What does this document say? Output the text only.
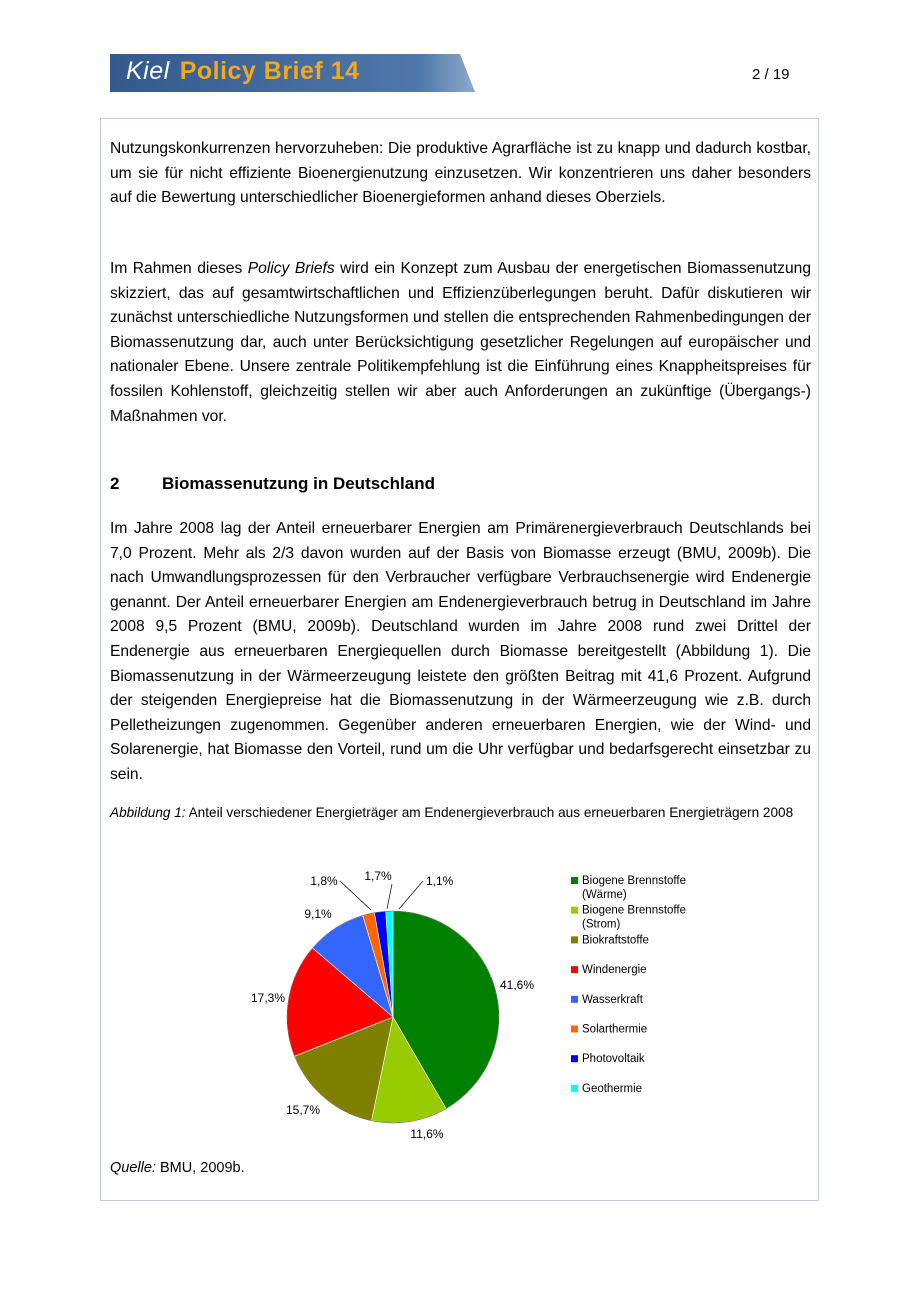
Kiel Policy Brief 14	2 / 19

Nutzungskonkurrenzen hervorzuheben: Die produktive Agrarfläche ist zu knapp und dadurch kostbar, um sie für nicht effiziente Bioenergienutzung einzusetzen. Wir konzentrieren uns daher besonders auf die Bewertung unterschiedlicher Bioenergieformen anhand dieses Oberziels.

Im Rahmen dieses Policy Briefs wird ein Konzept zum Ausbau der energetischen Biomassenutzung skizziert, das auf gesamtwirtschaftlichen und Effizienzüberlegungen beruht. Dafür diskutieren wir zunächst unterschiedliche Nutzungsformen und stellen die entsprechenden Rahmenbedingungen der Biomassenutzung dar, auch unter Berücksichtigung gesetzlicher Regelungen auf europäischer und nationaler Ebene. Unsere zentrale Politikempfehlung ist die Einführung eines Knappheitspreises für fossilen Kohlenstoff, gleichzeitig stellen wir aber auch Anforderungen an zukünftige (Übergangs-) Maßnahmen vor.

2	Biomassenutzung in Deutschland

Im Jahre 2008 lag der Anteil erneuerbarer Energien am Primärenergieverbrauch Deutschlands bei 7,0 Prozent. Mehr als 2/3 davon wurden auf der Basis von Biomasse erzeugt (BMU, 2009b). Die nach Umwandlungsprozessen für den Verbraucher verfügbare Verbrauchsenergie wird Endenergie genannt. Der Anteil erneuerbarer Energien am Endenergieverbrauch betrug in Deutschland im Jahre 2008 9,5 Prozent (BMU, 2009b). Deutschland wurden im Jahre 2008 rund zwei Drittel der Endenergie aus erneuerbaren Energiequellen durch Biomasse bereitgestellt (Abbildung 1). Die Biomassenutzung in der Wärmeerzeugung leistete den größten Beitrag mit 41,6 Prozent. Aufgrund der steigenden Energiepreise hat die Biomassenutzung in der Wärmeerzeugung wie z.B. durch Pelletheizungen zugenommen. Gegenüber anderen erneuerbaren Energien, wie der Wind- und Solarenergie, hat Biomasse den Vorteil, rund um die Uhr verfügbar und bedarfsgerecht einsetzbar zu sein.

Abbildung 1: Anteil verschiedener Energieträger am Endenergieverbrauch aus erneuerbaren Energieträgern 2008
41,6%
11,6%
15,7%
17,3%
9,1%
1,8% 1,7%	1,1%	Biogene Brennstoffe (Wärme)
Biogene Brennstoffe (Strom)
Biokraftstoffe
Windenergie
Wasserkraft
Solarthermie
Photovoltaik
Geothermie
Quelle: BMU, 2009b.
